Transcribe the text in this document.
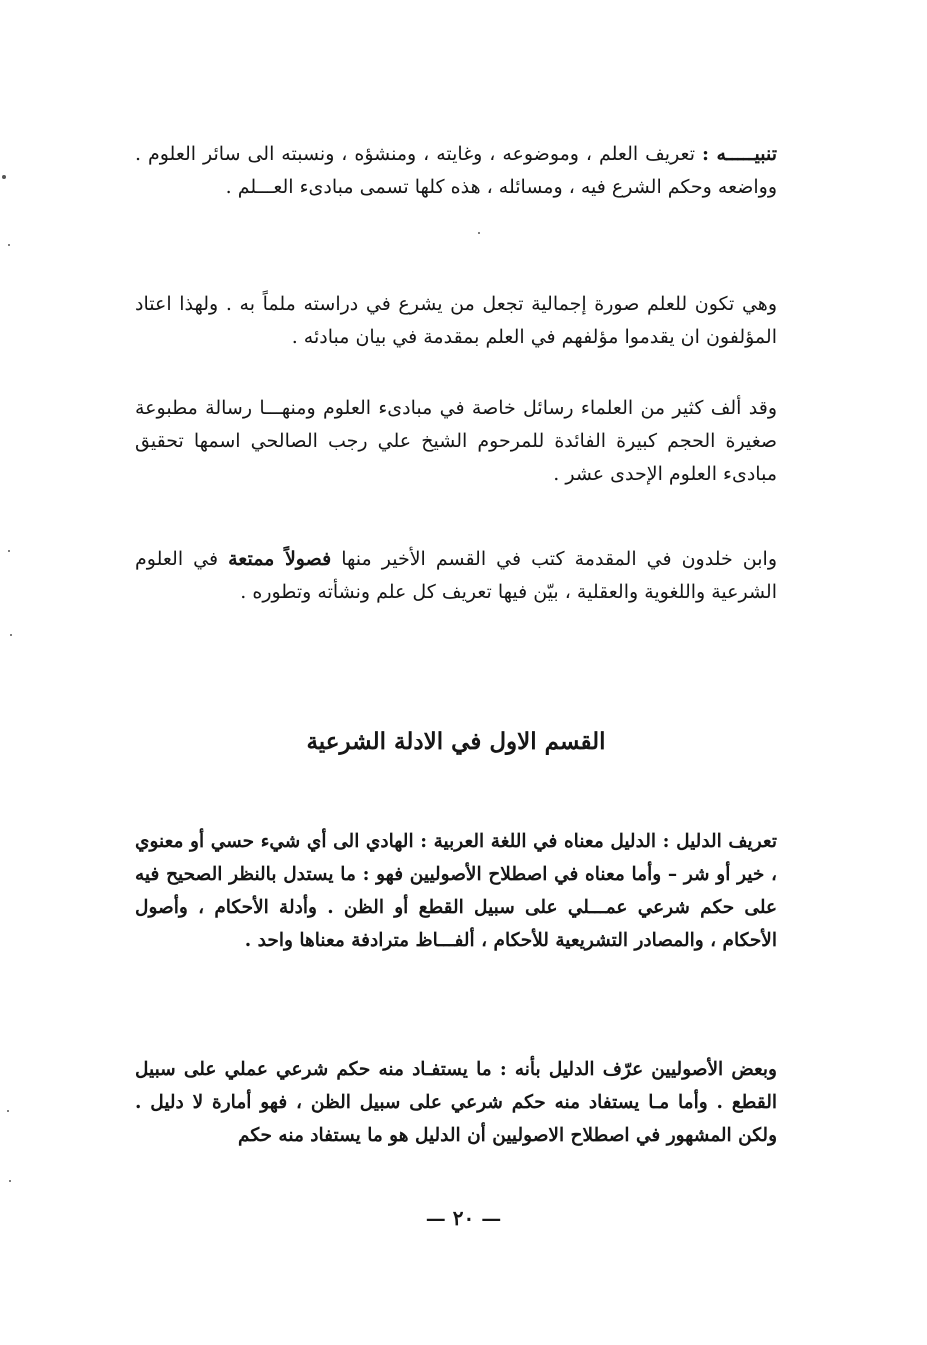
تنبيـــــه : تعريف العلم ، وموضوعه ، وغايته ، ومنشؤه ، ونسبته الى سائر العلوم . وواضعه وحكم الشرع فيه ، ومسائله ، هذه كلها تسمى مبادىء العـــلم .
وهي تكون للعلم صورة إجمالية تجعل من يشرع في دراسته ملماً به . ولهذا اعتاد المؤلفون ان يقدموا مؤلفهم في العلم بمقدمة في بيان مبادئه .
وقد ألف كثير من العلماء رسائل خاصة في مبادىء العلوم ومنهـــا رسالة مطبوعة صغيرة الحجم كبيرة الفائدة للمرحوم الشيخ علي رجب الصالحي اسمها تحقيق مبادىء العلوم الإحدى عشر .
وابن خلدون في المقدمة كتب في القسم الأخير منها فصولاً ممتعة في العلوم الشرعية واللغوية والعقلية ، بيّن فيها تعريف كل علم ونشأته وتطوره .
القسم الاول في الادلة الشرعية
تعريف الدليل : الدليل معناه في اللغة العربية : الهادي الى أي شيء حسي أو معنوي ، خير أو شر – وأما معناه في اصطلاح الأصوليين فهو : ما يستدل بالنظر الصحيح فيه على حكم شرعي عمـــلي على سبيل القطع أو الظن . وأدلة الأحكام ، وأصول الأحكام ، والمصادر التشريعية للأحكام ، ألفـــاظ مترادفة معناها واحد .
وبعض الأصوليين عرّف الدليل بأنه : ما يستفـاد منه حكم شرعي عملي على سبيل القطع . وأما مـا يستفاد منه حكم شرعي على سبيل الظن ، فهو أمارة لا دليل . ولكن المشهور في اصطلاح الاصوليين أن الدليل هو ما يستفاد منه حكم
— ٢٠ —
